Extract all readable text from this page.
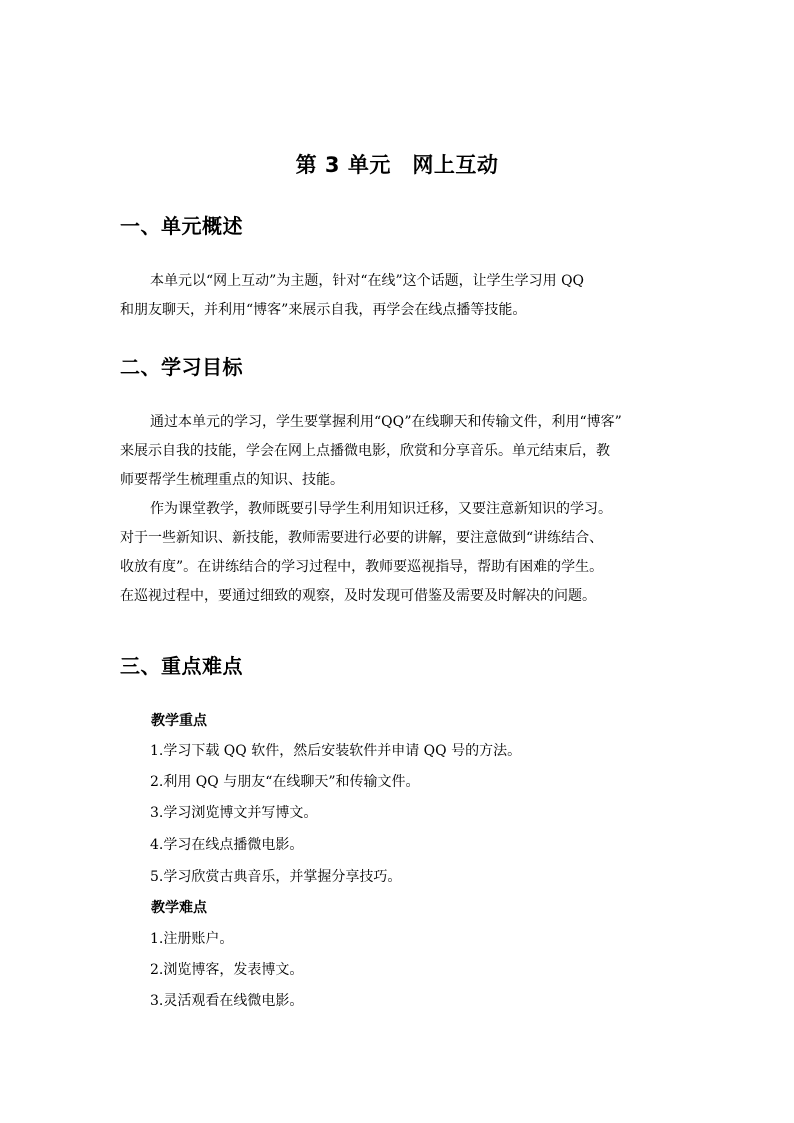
第 3 单元　网上互动
一、单元概述
本单元以“网上互动”为主题，针对“在线”这个话题，让学生学习用 QQ
和朋友聊天，并利用“博客”来展示自我，再学会在线点播等技能。
二、学习目标
通过本单元的学习，学生要掌握利用“QQ”在线聊天和传输文件，利用“博客”
来展示自我的技能，学会在网上点播微电影，欣赏和分享音乐。单元结束后，教
师要帮学生梳理重点的知识、技能。
作为课堂教学，教师既要引导学生利用知识迁移，又要注意新知识的学习。
对于一些新知识、新技能，教师需要进行必要的讲解，要注意做到“讲练结合、
收放有度”。在讲练结合的学习过程中，教师要巡视指导，帮助有困难的学生。
在巡视过程中，要通过细致的观察，及时发现可借鉴及需要及时解决的问题。
三、重点难点
教学重点
1.学习下载 QQ 软件，然后安装软件并申请 QQ 号的方法。
2.利用 QQ 与朋友“在线聊天”和传输文件。
3.学习浏览博文并写博文。
4.学习在线点播微电影。
5.学习欣赏古典音乐，并掌握分享技巧。
教学难点
1.注册账户。
2.浏览博客，发表博文。
3.灵活观看在线微电影。
